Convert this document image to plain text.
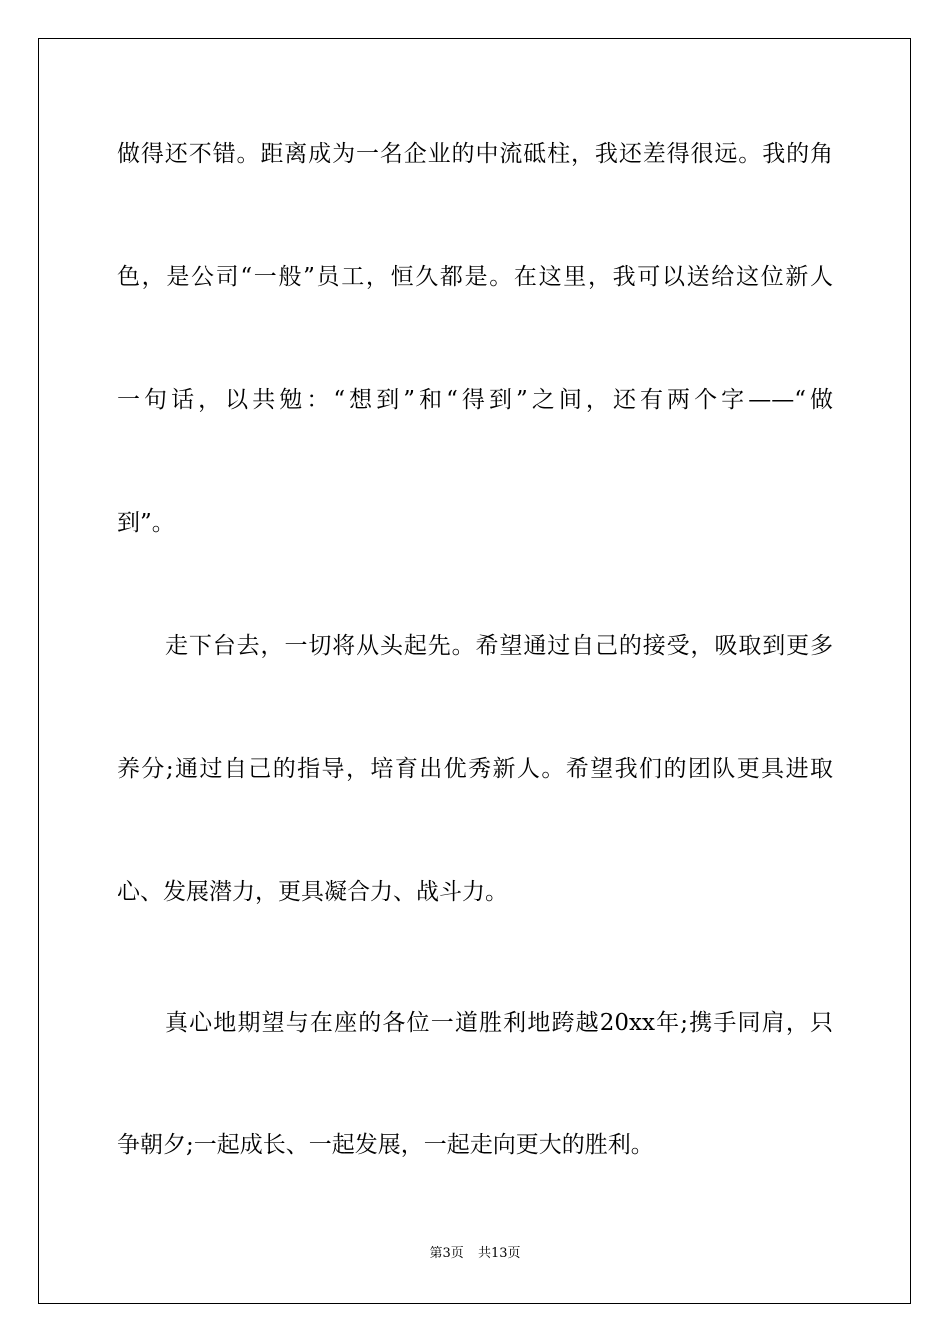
做得还不错。距离成为一名企业的中流砥柱，我还差得很远。我的角
色，是公司“一般”员工，恒久都是。在这里，我可以送给这位新人
一句话，以共勉：“想到”和“得到”之间，还有两个字——“做
到”。
走下台去，一切将从头起先。希望通过自己的接受，吸取到更多
养分;通过自己的指导，培育出优秀新人。希望我们的团队更具进取
心、发展潜力，更具凝合力、战斗力。
真心地期望与在座的各位一道胜利地跨越20xx年;携手同肩，只
争朝夕;一起成长、一起发展，一起走向更大的胜利。
第3页 共13页
